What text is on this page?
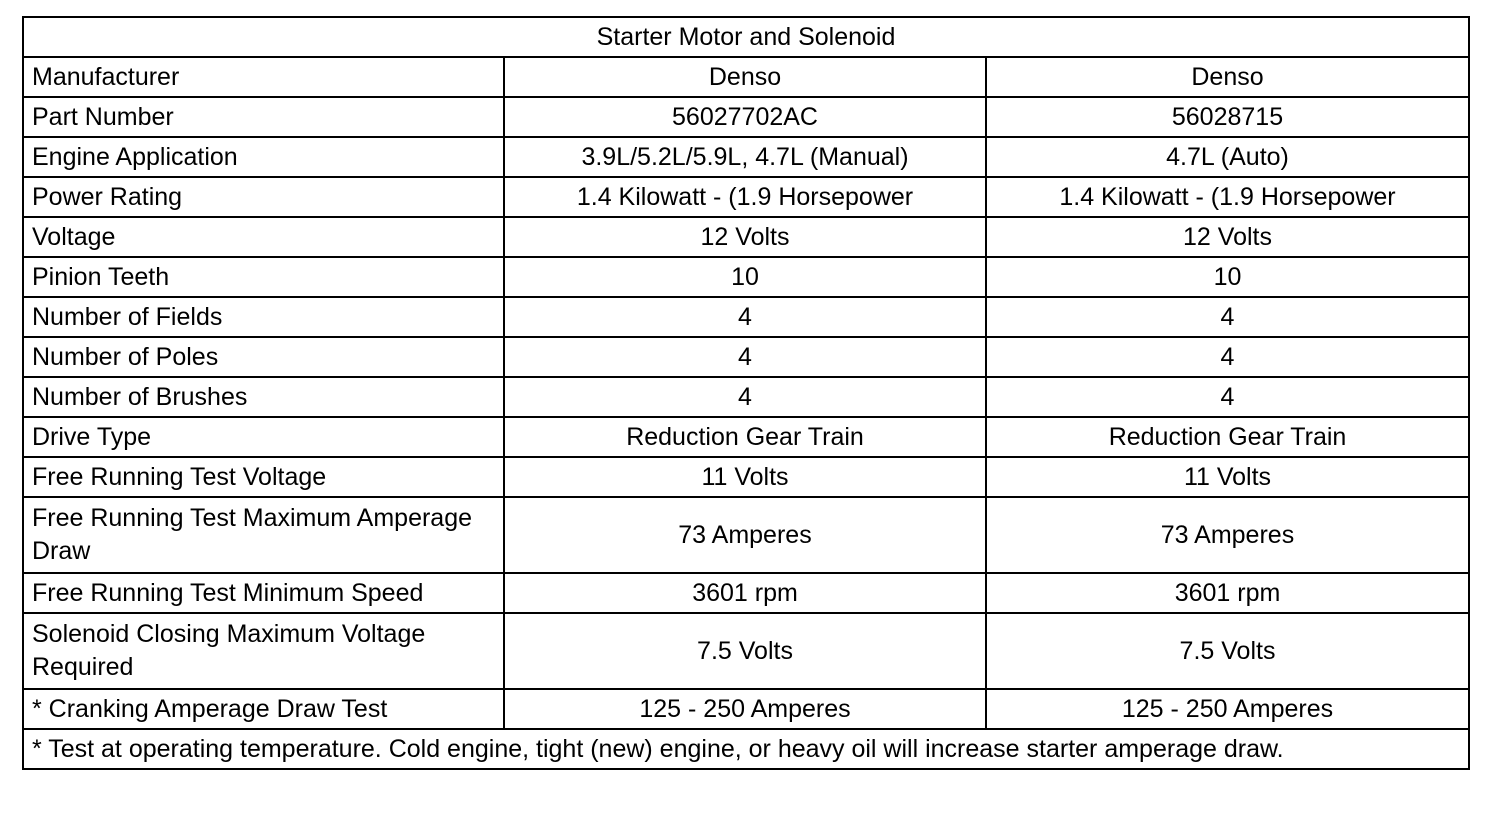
Starter Motor and Solenoid		
Manufacturer	Denso	Denso
Part Number	56027702AC	56028715
Engine Application	3.9L/5.2L/5.9L, 4.7L (Manual)	4.7L (Auto)
Power Rating	1.4 Kilowatt - (1.9 Horsepower	1.4 Kilowatt - (1.9 Horsepower
Voltage	12 Volts	12 Volts
Pinion Teeth	10	10
Number of Fields	4	4
Number of Poles	4	4
Number of Brushes	4	4
Drive Type	Reduction Gear Train	Reduction Gear Train
Free Running Test Voltage	11 Volts	11 Volts
Free Running Test Maximum Amperage Draw	73 Amperes	73 Amperes
Free Running Test Minimum Speed	3601 rpm	3601 rpm
Solenoid Closing Maximum Voltage Required	7.5 Volts	7.5 Volts
* Cranking Amperage Draw Test	125 - 250 Amperes	125 - 250 Amperes
* Test at operating temperature. Cold engine, tight (new) engine, or heavy oil will increase starter amperage draw.		
